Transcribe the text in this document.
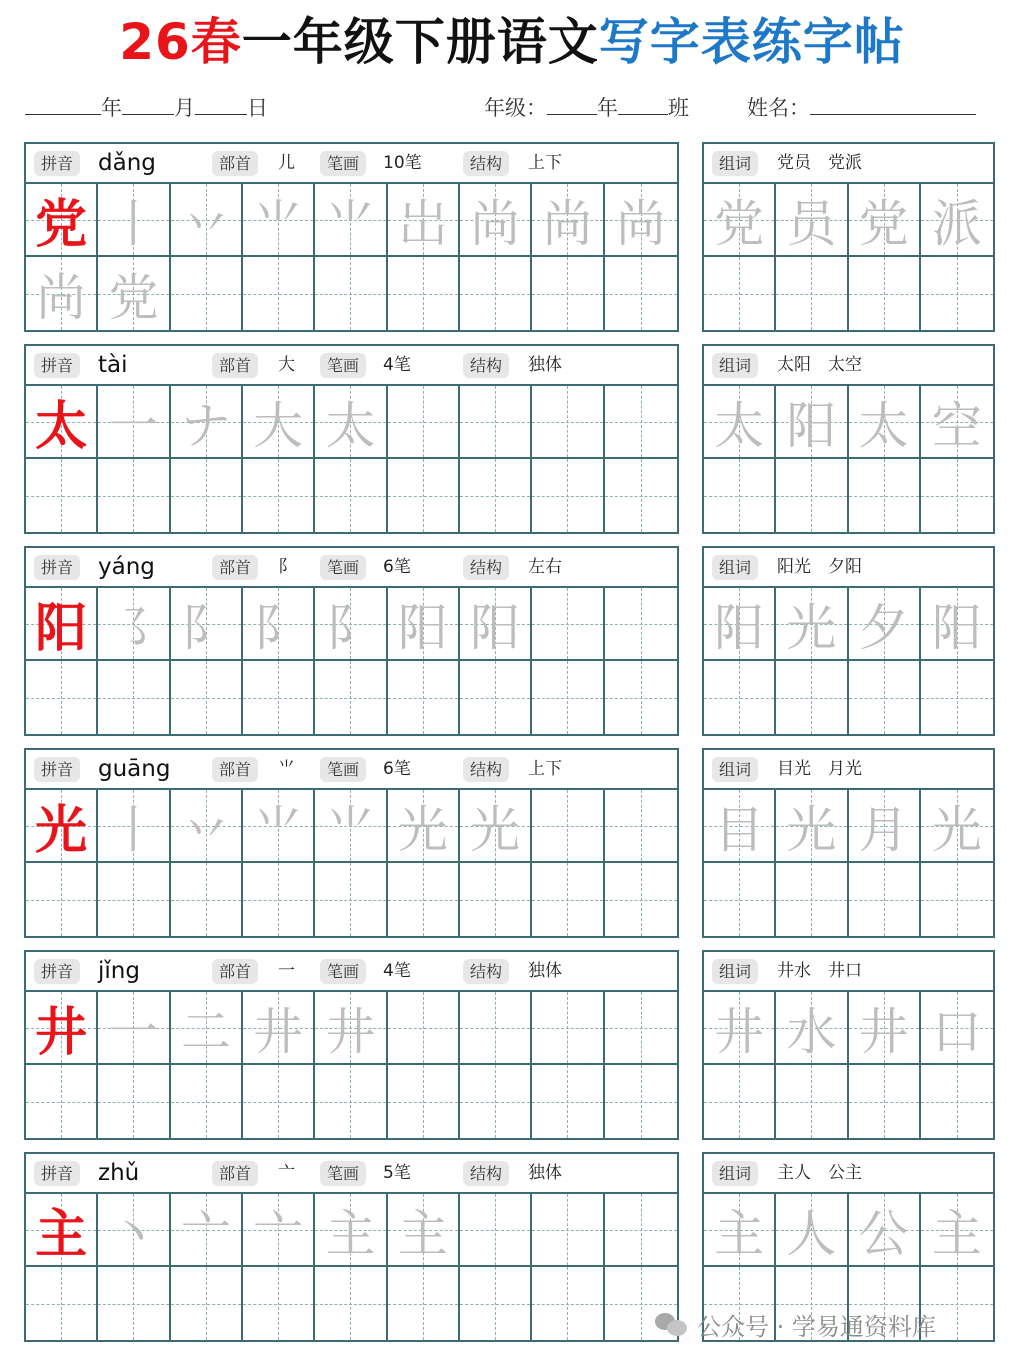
26春一年级下册语文写字表练字帖
年 月 日	年级： 年 班	姓名：
拼音	dǎng	部首	儿	笔画	10笔	结构	上下
党 丨 丷 ⺌ ⺌ 岀 尚 尚 尚
尚 党
组词	党员　党派
党 员 党 派
拼音	tài	部首	大	笔画	4笔	结构	独体
太 一 ナ 大 太
组词	太阳　太空
太 阳 太 空
拼音	yáng	部首	阝	笔画	6笔	结构	左右
阳 ㇌ 阝 阝 阝 阳 阳
组词	阳光　夕阳
阳 光 夕 阳
拼音	guāng	部首	⺌	笔画	6笔	结构	上下
光 丨 丷 ⺌ ⺌ 光 光
组词	目光　月光
目 光 月 光
拼音	jǐng	部首	一	笔画	4笔	结构	独体
井 一 二 井 井
组词	井水　井口
井 水 井 口
拼音	zhǔ	部首	亠	笔画	5笔	结构	独体
主 丶 亠 亠 主 主
组词	主人　公主
主 人 公 主
公众号 · 学易通资料库
